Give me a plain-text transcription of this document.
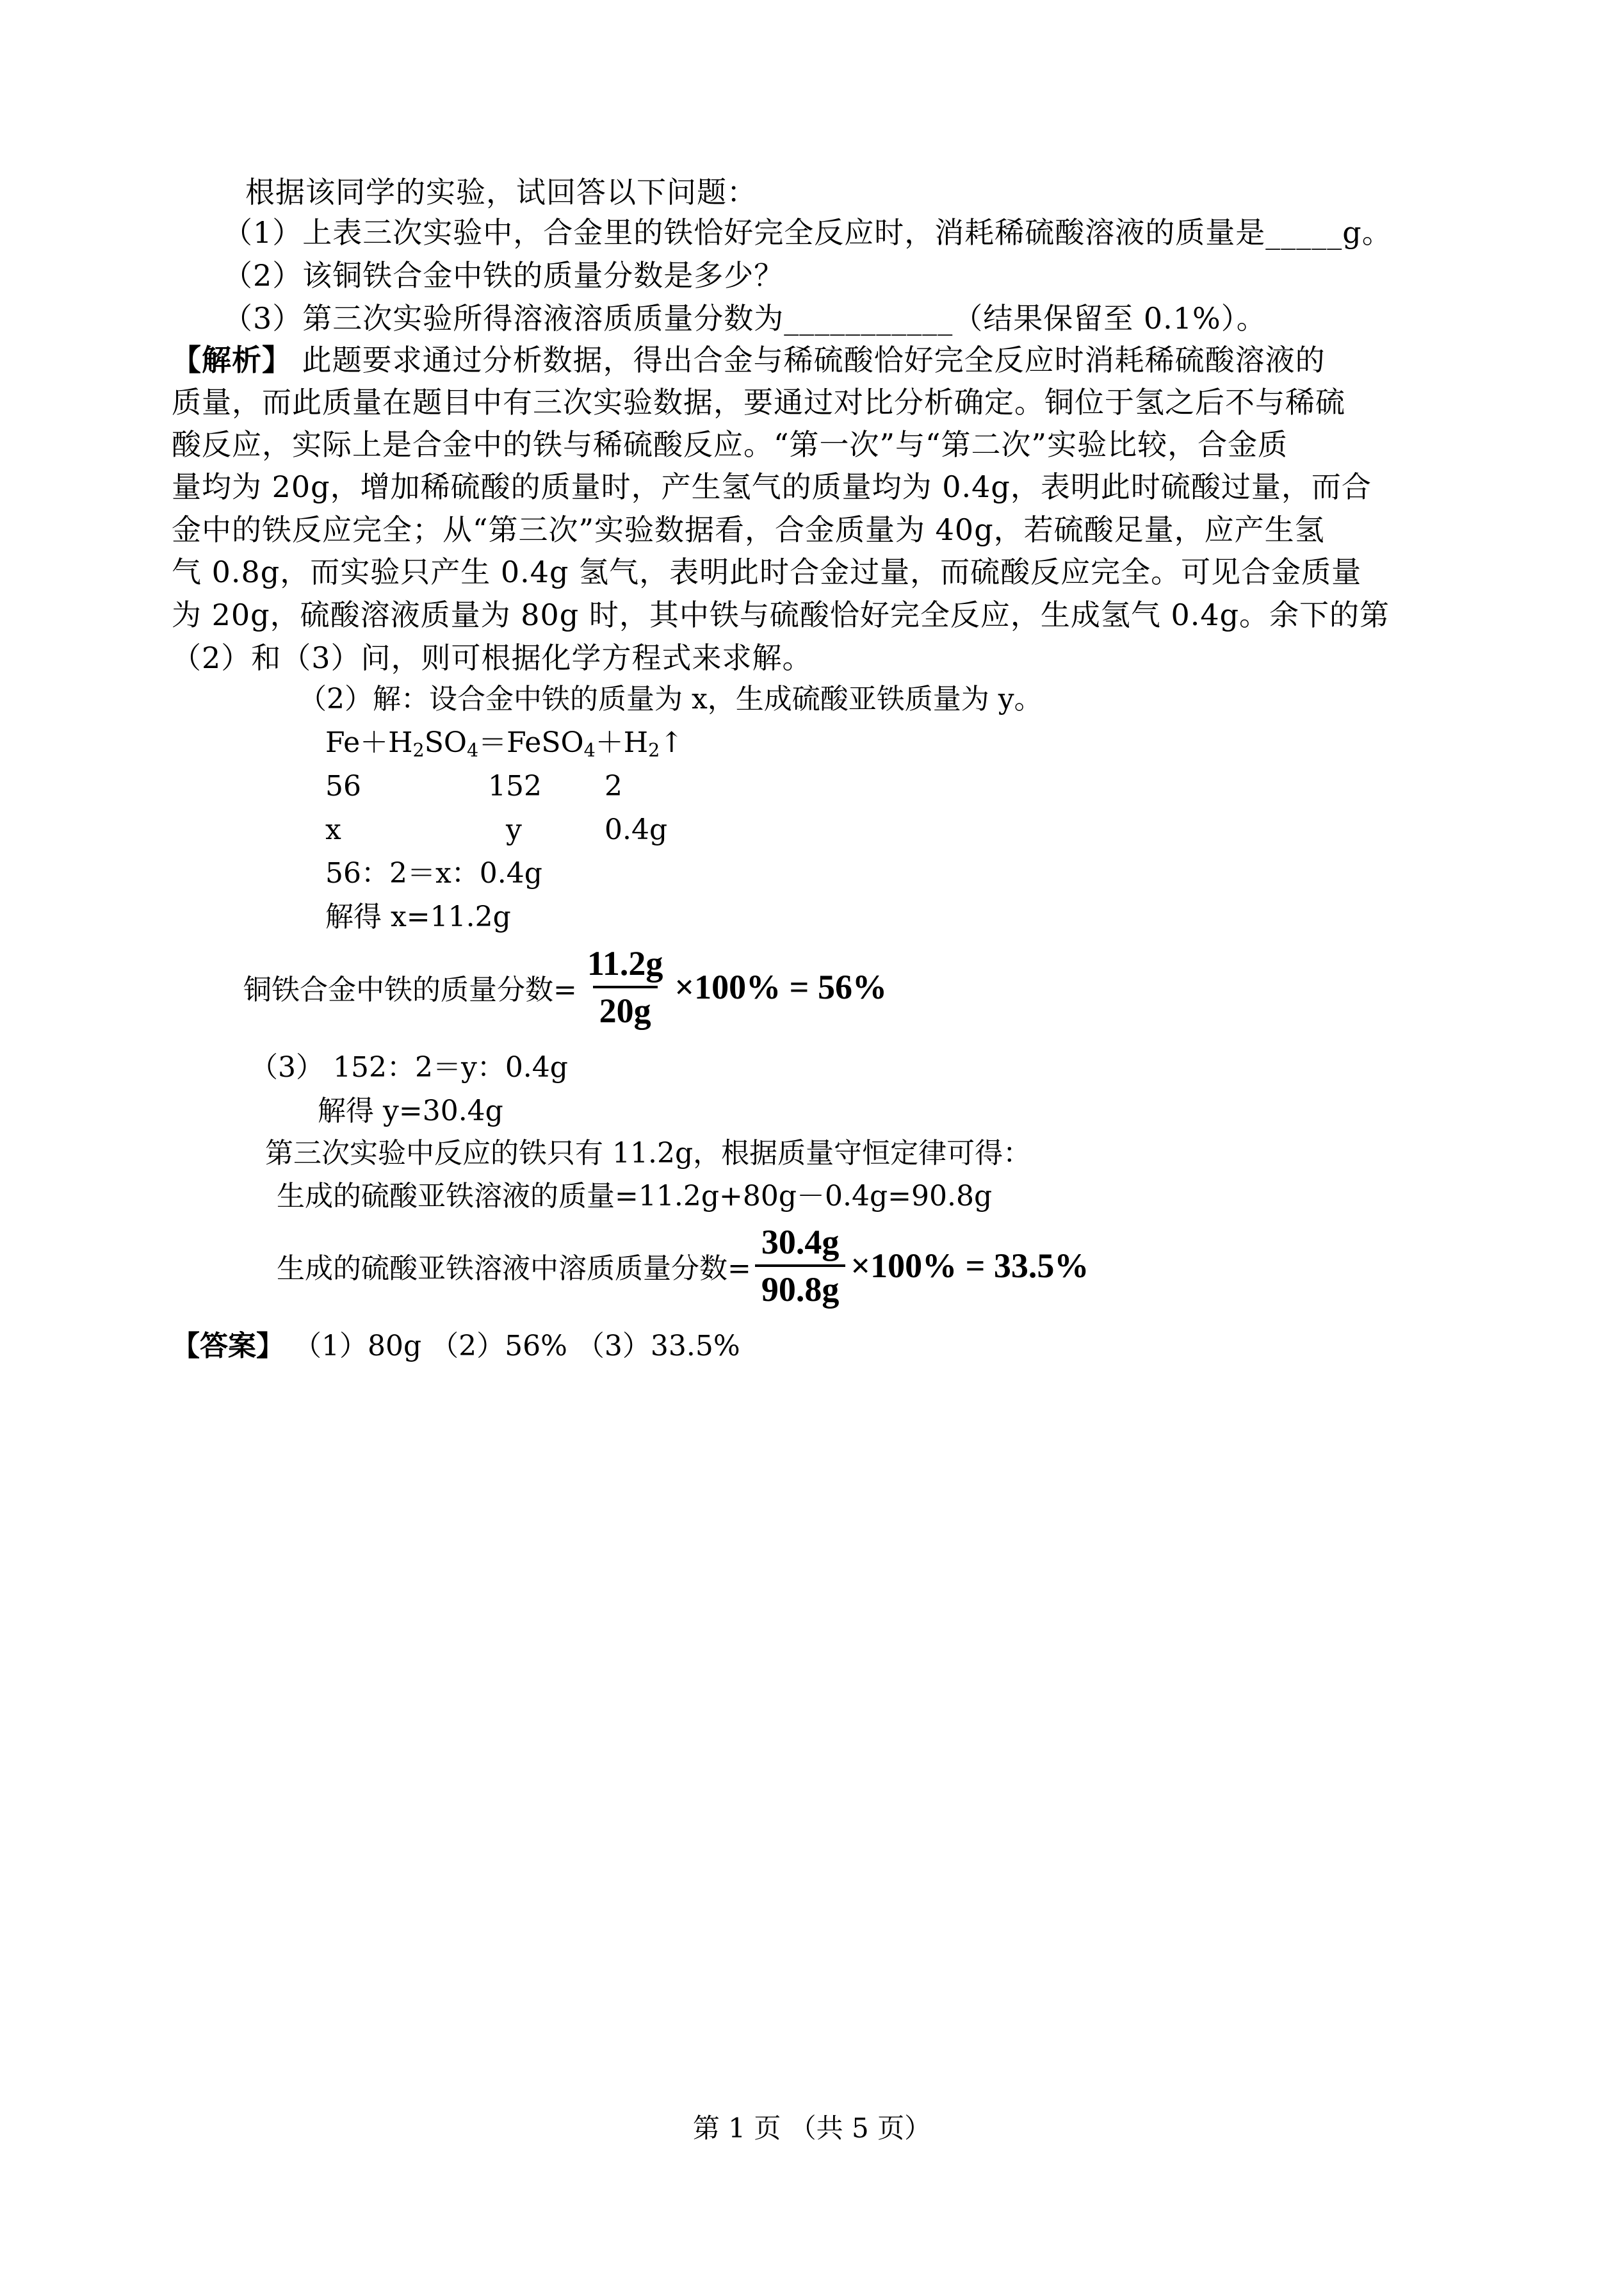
根据该同学的实验，试回答以下问题：
（1）上表三次实验中，合金里的铁恰好完全反应时，消耗稀硫酸溶液的质量是_____g。
（2）该铜铁合金中铁的质量分数是多少？
（3）第三次实验所得溶液溶质质量分数为___________（结果保留至 0.1%）。
【解析】 此题要求通过分析数据，得出合金与稀硫酸恰好完全反应时消耗稀硫酸溶液的
质量，而此质量在题目中有三次实验数据，要通过对比分析确定。铜位于氢之后不与稀硫
酸反应，实际上是合金中的铁与稀硫酸反应。“第一次”与“第二次”实验比较，合金质
量均为 20g，增加稀硫酸的质量时，产生氢气的质量均为 0.4g，表明此时硫酸过量，而合
金中的铁反应完全；从“第三次”实验数据看，合金质量为 40g，若硫酸足量，应产生氢
气 0.8g，而实验只产生 0.4g 氢气，表明此时合金过量，而硫酸反应完全。可见合金质量
为 20g，硫酸溶液质量为 80g 时，其中铁与硫酸恰好完全反应，生成氢气 0.4g。余下的第
（2）和（3）问，则可根据化学方程式来求解。
（2）解：设合金中铁的质量为 x，生成硫酸亚铁质量为 y。
$Fe+H_2SO_4=FeSO_4+H_2↑$
56	152 2
x	y	0.4g
56：2＝x：0.4g
解得 x=11.2g
铜铁合金中铁的质量分数= $\frac{11.2g}{20g} \times 100\% = 56\%$
（3） 152：2＝y：0.4g
解得 y=30.4g
第三次实验中反应的铁只有 11.2g，根据质量守恒定律可得：
生成的硫酸亚铁溶液的质量=11.2g+80g－0.4g=90.8g
生成的硫酸亚铁溶液中溶质质量分数= $\frac{30.4g}{90.8g} \times 100\% = 33.5\%$
【答案】 （1）80g （2）56% （3）33.5%
第 1 页 （共 5 页）
